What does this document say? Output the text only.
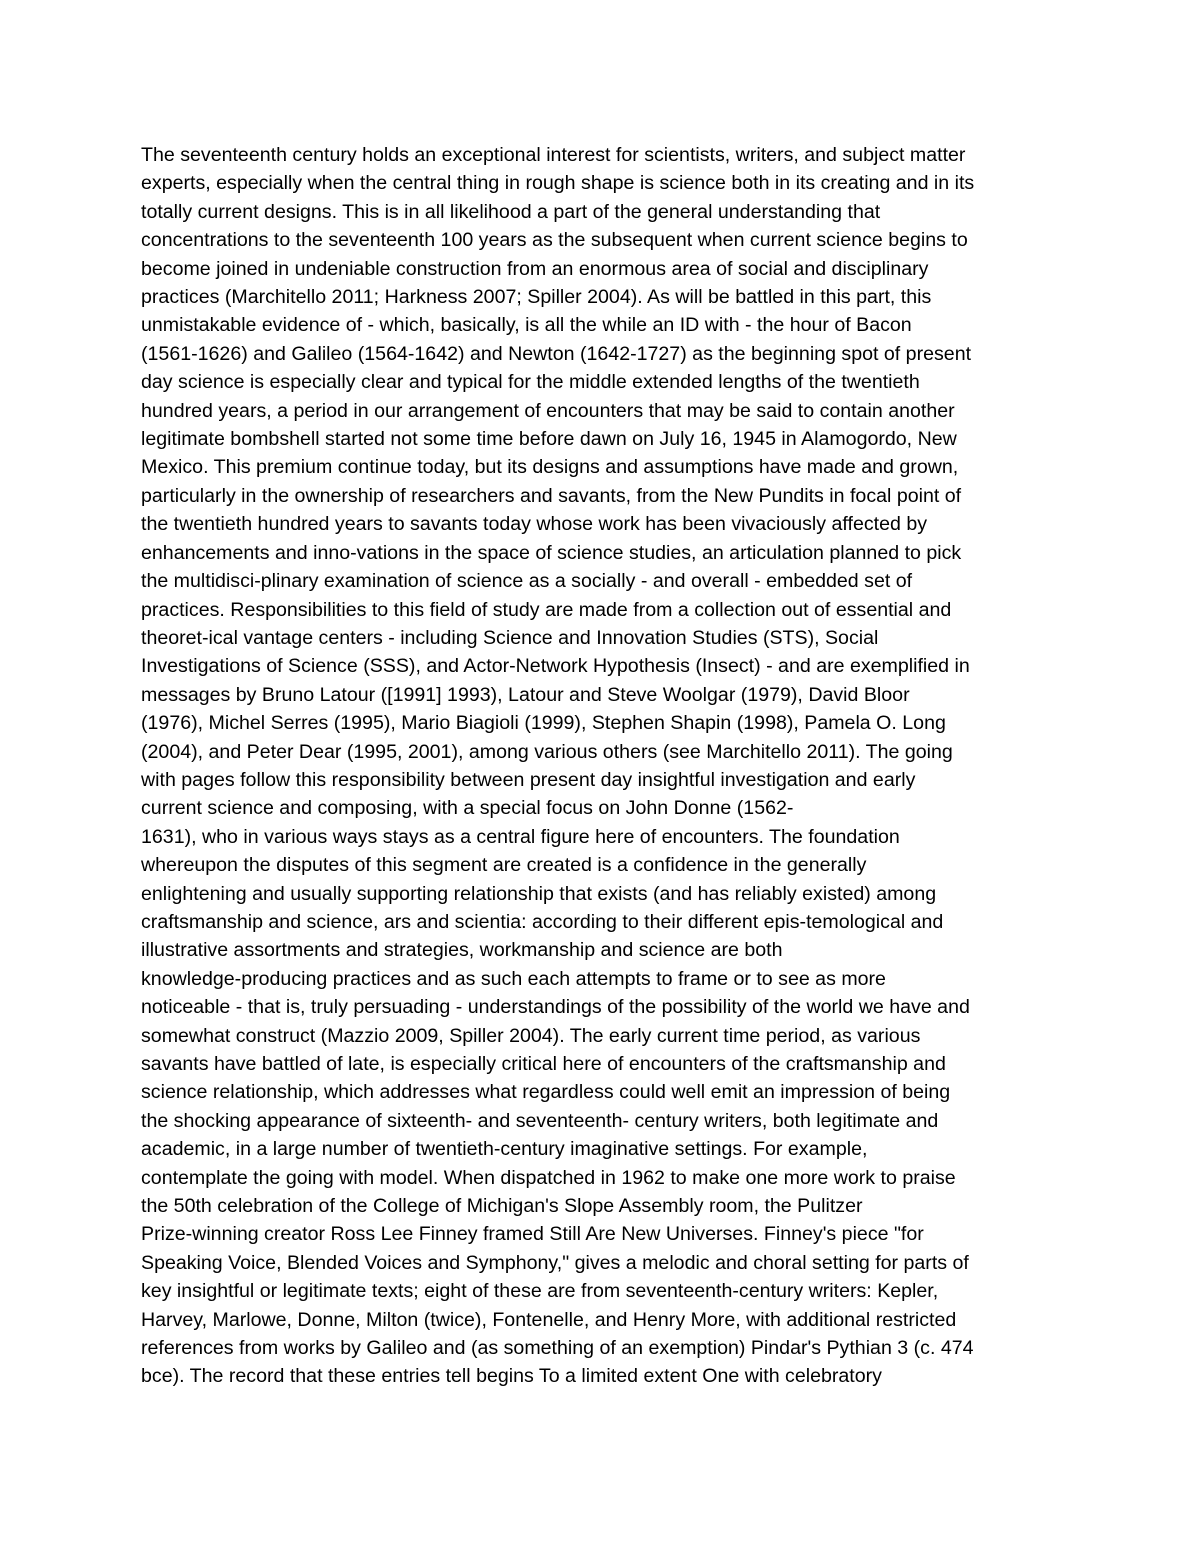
The seventeenth century holds an exceptional interest for scientists, writers, and subject matter
experts, especially when the central thing in rough shape is science both in its creating and in its
totally current designs. This is in all likelihood a part of the general understanding that
concentrations to the seventeenth 100 years as the subsequent when current science begins to
become joined in undeniable construction from an enormous area of social and disciplinary
practices (Marchitello 2011; Harkness 2007; Spiller 2004). As will be battled in this part, this
unmistakable evidence of - which, basically, is all the while an ID with - the hour of Bacon
(1561-1626) and Galileo (1564-1642) and Newton (1642-1727) as the beginning spot of present
day science is especially clear and typical for the middle extended lengths of the twentieth
hundred years, a period in our arrangement of encounters that may be said to contain another
legitimate bombshell started not some time before dawn on July 16, 1945 in Alamogordo, New
Mexico. This premium continue today, but its designs and assumptions have made and grown,
particularly in the ownership of researchers and savants, from the New Pundits in focal point of
the twentieth hundred years to savants today whose work has been vivaciously affected by
enhancements and inno-vations in the space of science studies, an articulation planned to pick
the multidisci-plinary examination of science as a socially - and overall - embedded set of
practices. Responsibilities to this field of study are made from a collection out of essential and
theoret-ical vantage centers - including Science and Innovation Studies (STS), Social
Investigations of Science (SSS), and Actor-Network Hypothesis (Insect) - and are exemplified in
messages by Bruno Latour ([1991] 1993), Latour and Steve Woolgar (1979), David Bloor
(1976), Michel Serres (1995), Mario Biagioli (1999), Stephen Shapin (1998), Pamela O. Long
(2004), and Peter Dear (1995, 2001), among various others (see Marchitello 2011). The going
with pages follow this responsibility between present day insightful investigation and early
current science and composing, with a special focus on John Donne (1562-
1631), who in various ways stays as a central figure here of encounters. The foundation
whereupon the disputes of this segment are created is a confidence in the generally
enlightening and usually supporting relationship that exists (and has reliably existed) among
craftsmanship and science, ars and scientia: according to their different epis-temological and
illustrative assortments and strategies, workmanship and science are both
knowledge-producing practices and as such each attempts to frame or to see as more
noticeable - that is, truly persuading - understandings of the possibility of the world we have and
somewhat construct (Mazzio 2009, Spiller 2004). The early current time period, as various
savants have battled of late, is especially critical here of encounters of the craftsmanship and
science relationship, which addresses what regardless could well emit an impression of being
the shocking appearance of sixteenth- and seventeenth- century writers, both legitimate and
academic, in a large number of twentieth-century imaginative settings. For example,
contemplate the going with model. When dispatched in 1962 to make one more work to praise
the 50th celebration of the College of Michigan's Slope Assembly room, the Pulitzer
Prize-winning creator Ross Lee Finney framed Still Are New Universes. Finney's piece "for
Speaking Voice, Blended Voices and Symphony," gives a melodic and choral setting for parts of
key insightful or legitimate texts; eight of these are from seventeenth-century writers: Kepler,
Harvey, Marlowe, Donne, Milton (twice), Fontenelle, and Henry More, with additional restricted
references from works by Galileo and (as something of an exemption) Pindar's Pythian 3 (c. 474
bce). The record that these entries tell begins To a limited extent One with celebratory
